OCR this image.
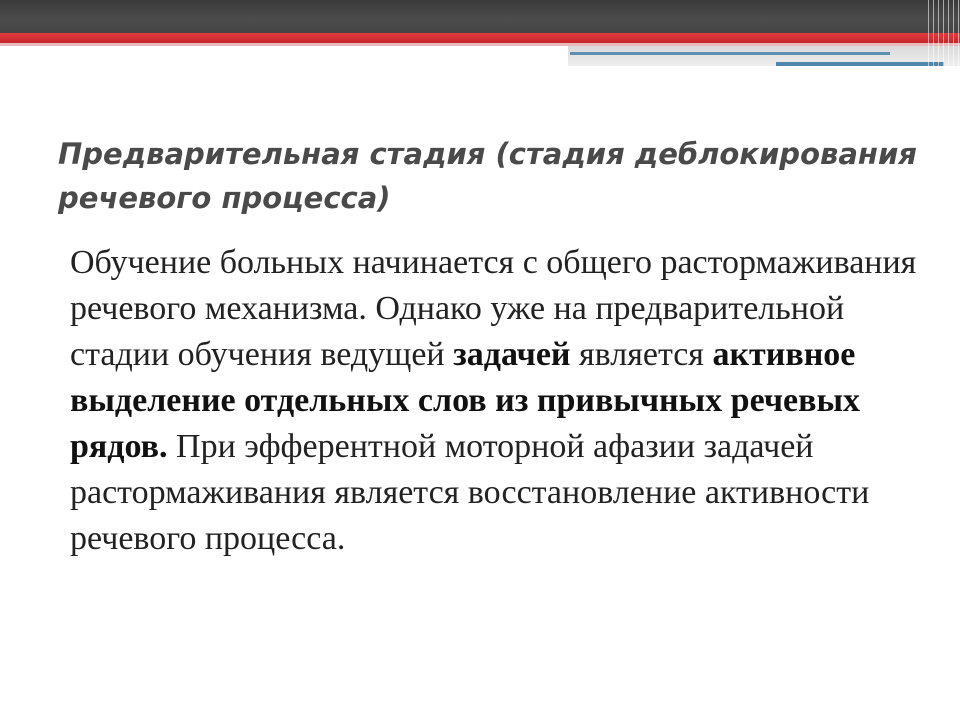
Предварительная стадия (стадия деблокирования речевого процесса)

Обучение больных начинается с общего растормаживания речевого механизма. Однако уже на предварительной стадии обучения ведущей задачей является активное выделение отдельных слов из привычных речевых рядов. При эфферентной моторной афазии задачей растормаживания является восстановление активности речевого процесса.
